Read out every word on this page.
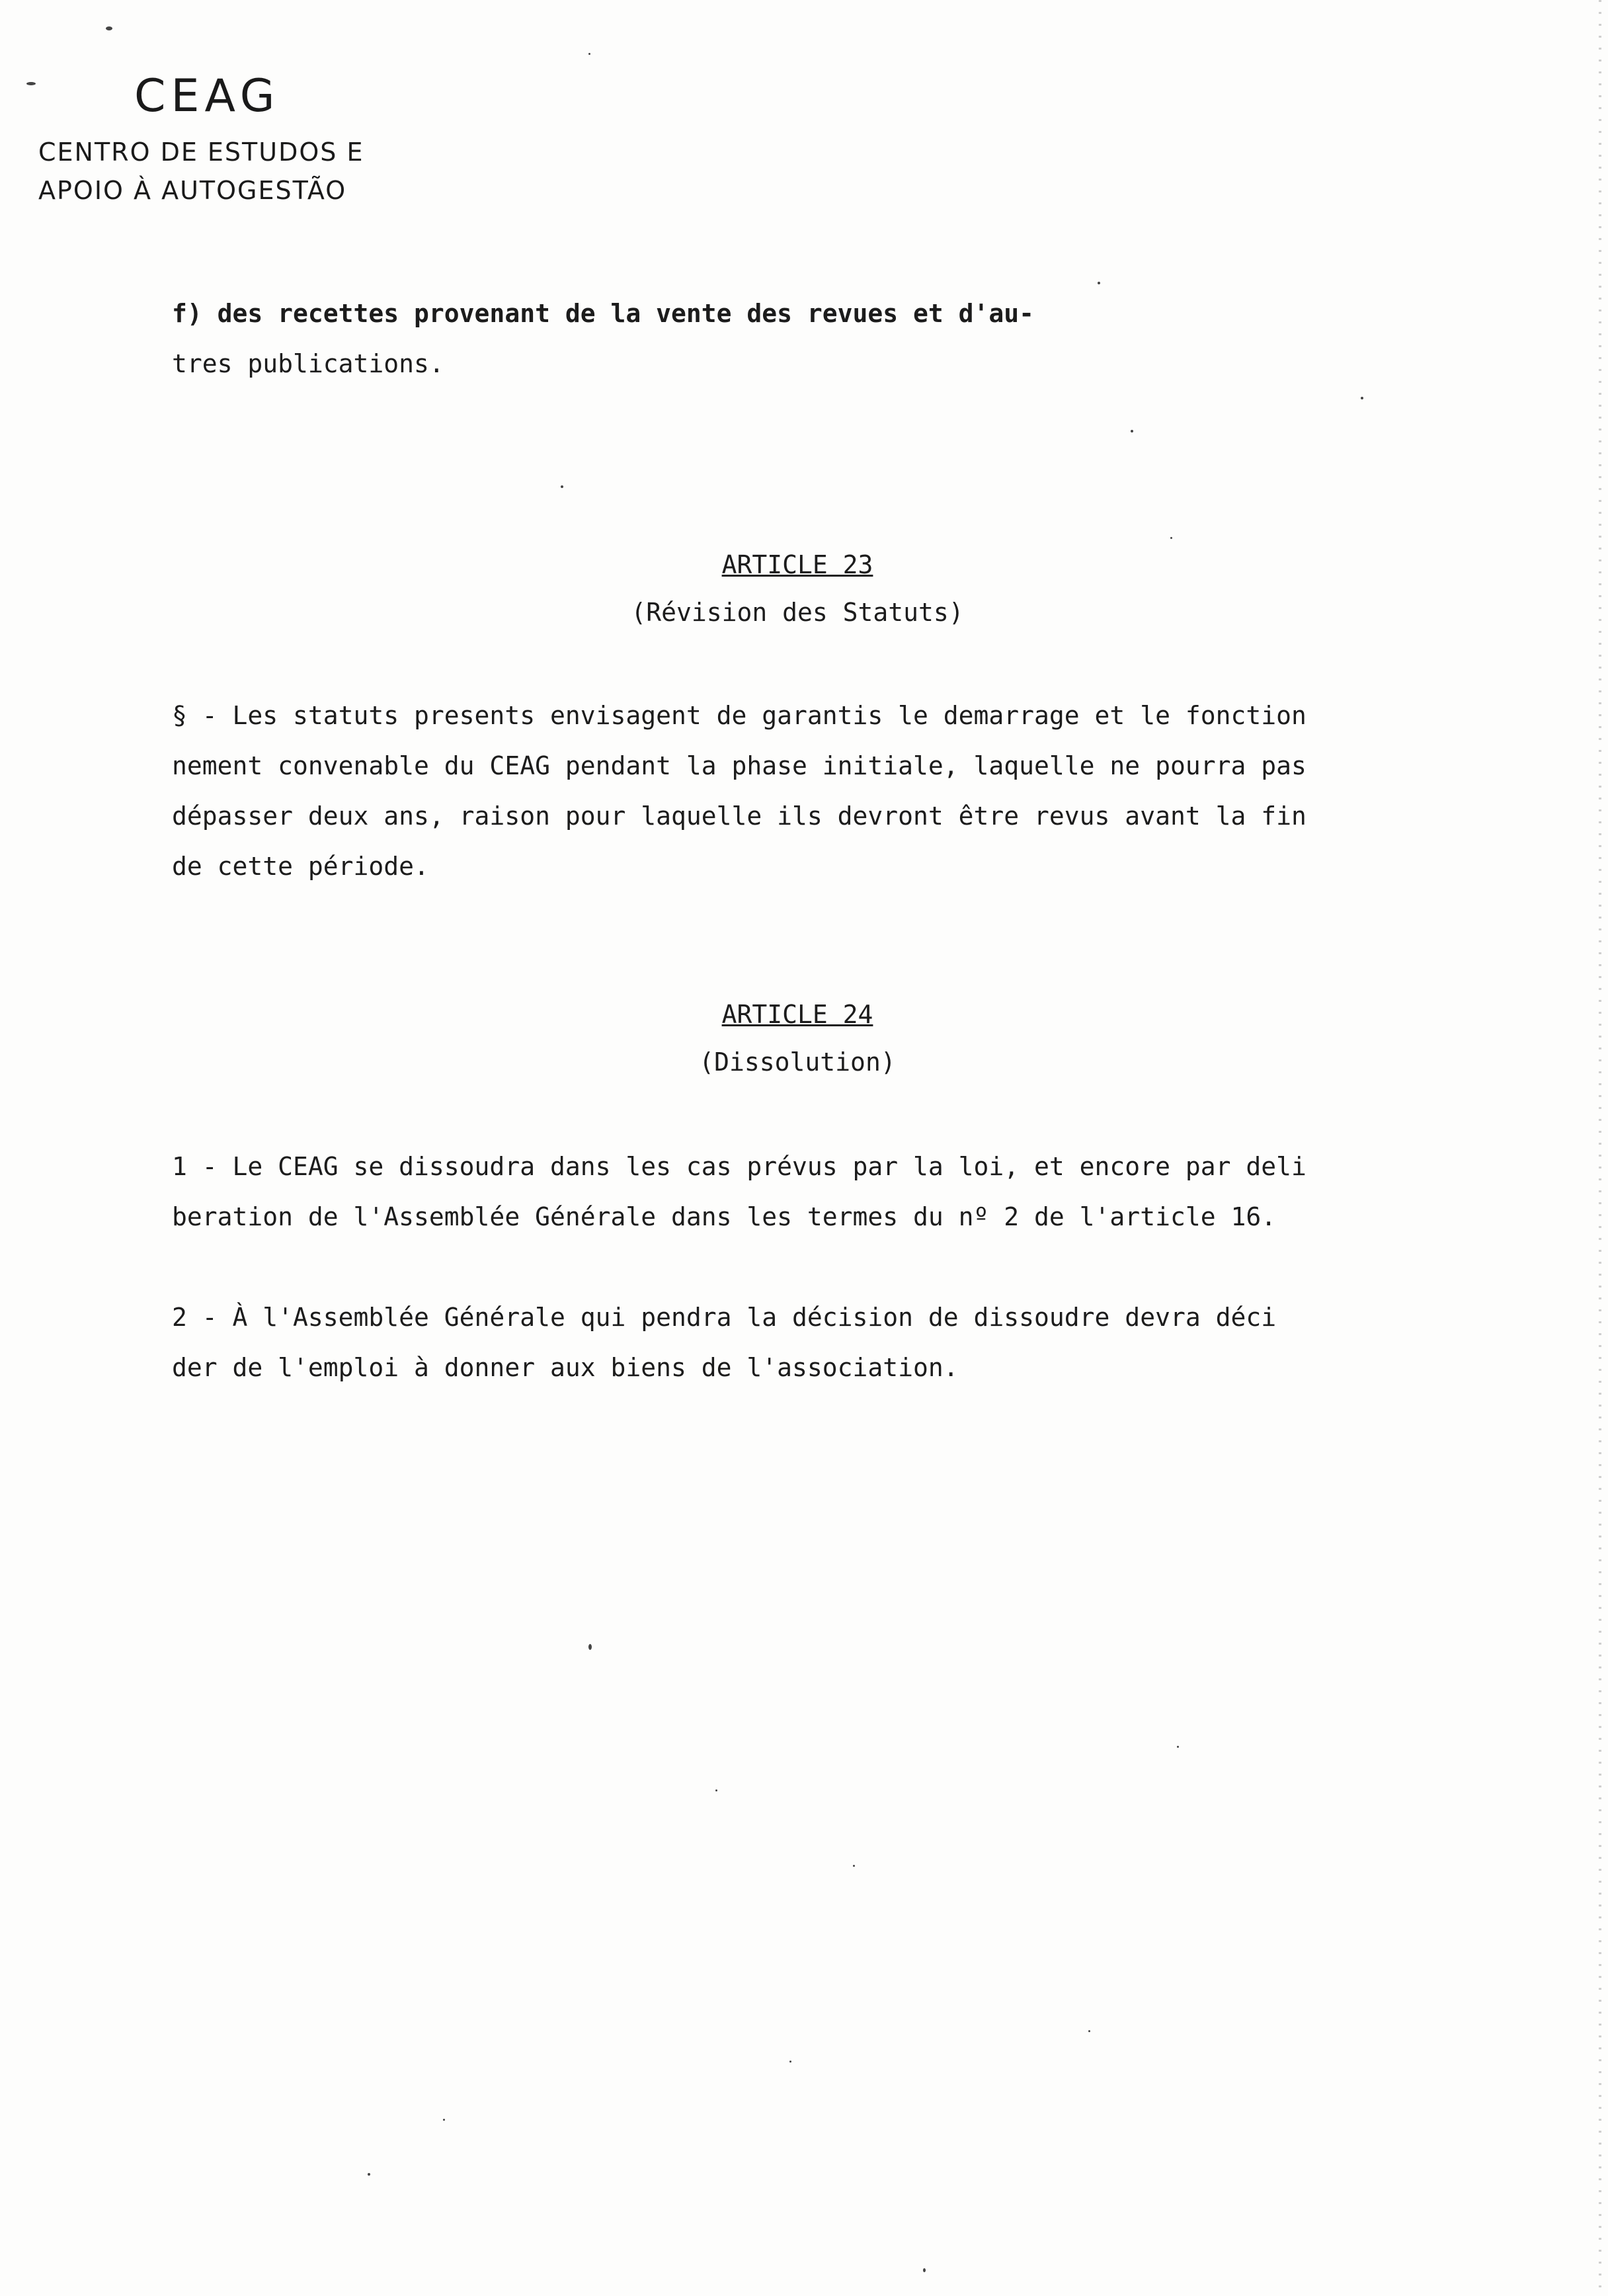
CEAG
CENTRO DE ESTUDOS E
APOIO À AUTOGESTÃO
f) des recettes provenant de la vente des revues et d'au-
tres publications.
ARTICLE 23
(Révision des Statuts)
§ - Les statuts presents envisagent de garantis le demarrage et le fonction
nement convenable du CEAG pendant la phase initiale, laquelle ne pourra pas
dépasser deux ans, raison pour laquelle ils devront être revus avant la fin
de cette période.
ARTICLE 24
(Dissolution)
1 - Le CEAG se dissoudra dans les cas prévus par la loi, et encore par deli
beration de l'Assemblée Générale dans les termes du nº 2 de l'article 16.
2 - À l'Assemblée Générale qui pendra la décision de dissoudre devra déci
der de l'emploi à donner aux biens de l'association.
